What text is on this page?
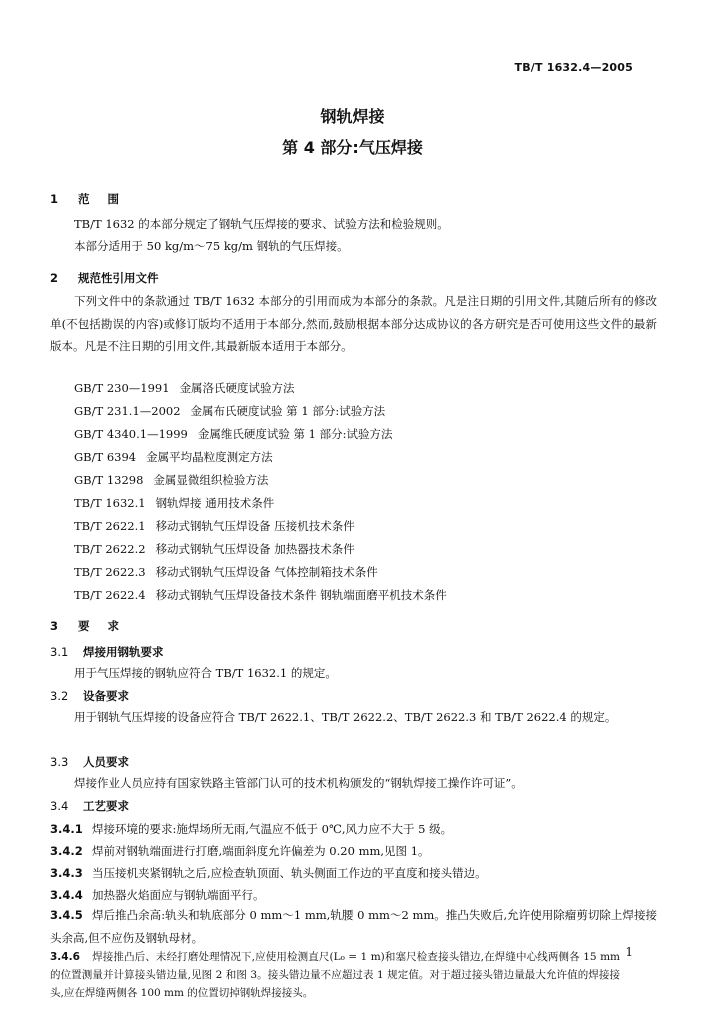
TB/T 1632.4—2005
钢轨焊接
第 4 部分:气压焊接
1 范围
TB/T 1632 的本部分规定了钢轨气压焊接的要求、试验方法和检验规则。
本部分适用于 50 kg/m～75 kg/m 钢轨的气压焊接。
2 规范性引用文件
下列文件中的条款通过 TB/T 1632 本部分的引用而成为本部分的条款。凡是注日期的引用文件,其随后所有的修改单(不包括勘误的内容)或修订版均不适用于本部分,然而,鼓励根据本部分达成协议的各方研究是否可使用这些文件的最新版本。凡是不注日期的引用文件,其最新版本适用于本部分。
GB/T 230—1991 金属洛氏硬度试验方法
GB/T 231.1—2002 金属布氏硬度试验 第 1 部分:试验方法
GB/T 4340.1—1999 金属维氏硬度试验 第 1 部分:试验方法
GB/T 6394 金属平均晶粒度测定方法
GB/T 13298 金属显微组织检验方法
TB/T 1632.1 钢轨焊接 通用技术条件
TB/T 2622.1 移动式钢轨气压焊设备 压接机技术条件
TB/T 2622.2 移动式钢轨气压焊设备 加热器技术条件
TB/T 2622.3 移动式钢轨气压焊设备 气体控制箱技术条件
TB/T 2622.4 移动式钢轨气压焊设备技术条件 钢轨端面磨平机技术条件
3 要求
3.1 焊接用钢轨要求
用于气压焊接的钢轨应符合 TB/T 1632.1 的规定。
3.2 设备要求
用于钢轨气压焊接的设备应符合 TB/T 2622.1、TB/T 2622.2、TB/T 2622.3 和 TB/T 2622.4 的规定。
3.3 人员要求
焊接作业人员应持有国家铁路主管部门认可的技术机构颁发的“钢轨焊接工操作许可证”。
3.4 工艺要求
3.4.1 焊接环境的要求:施焊场所无雨,气温应不低于 0℃,风力应不大于 5 级。
3.4.2 焊前对钢轨端面进行打磨,端面斜度允许偏差为 0.20 mm,见图 1。
3.4.3 当压接机夹紧钢轨之后,应检查轨顶面、轨头侧面工作边的平直度和接头错边。
3.4.4 加热器火焰面应与钢轨端面平行。
3.4.5 焊后推凸余高:轨头和轨底部分 0 mm～1 mm,轨腰 0 mm～2 mm。推凸失败后,允许使用除瘤剪切除上焊接接头余高,但不应伤及钢轨母材。
3.4.6 焊接推凸后、未经打磨处理情况下,应使用检测直尺(L₀ = 1 m)和塞尺检查接头错边,在焊缝中心线两侧各 15 mm 的位置测量并计算接头错边量,见图 2 和图 3。接头错边量不应超过表 1 规定值。对于超过接头错边量最大允许值的焊接接头,应在焊缝两侧各 100 mm 的位置切掉钢轨焊接接头。
1
